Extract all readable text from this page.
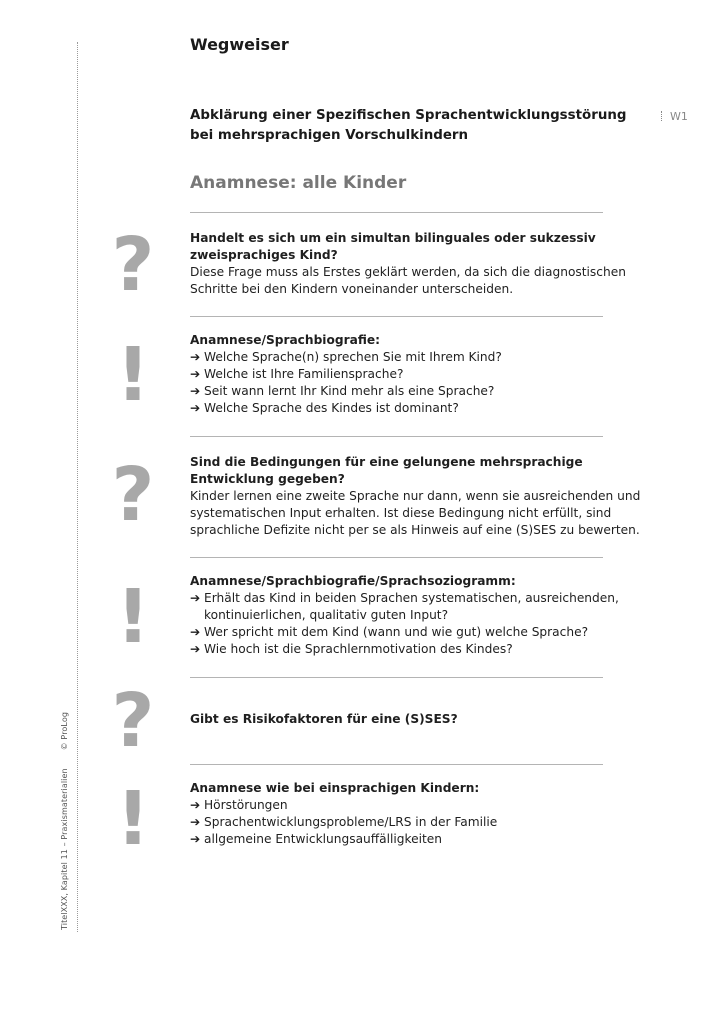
TitelXXX, Kapitel 11 – Praxismaterialien© ProLog
Wegweiser
Abklärung einer Spezifischen Sprachentwicklungsstörung
bei mehrsprachigen Vorschulkindern
W1
Anamnese: alle Kinder
?
!
?
!
?
!
Handelt es sich um ein simultan bilinguales oder sukzessiv
zweisprachiges Kind?
Diese Frage muss als Erstes geklärt werden, da sich die diagnostischen
Schritte bei den Kindern voneinander unterscheiden.
Anamnese/Sprachbiografie:
➔ Welche Sprache(n) sprechen Sie mit Ihrem Kind?
➔ Welche ist Ihre Familiensprache?
➔ Seit wann lernt Ihr Kind mehr als eine Sprache?
➔ Welche Sprache des Kindes ist dominant?
Sind die Bedingungen für eine gelungene mehrsprachige
Entwicklung gegeben?
Kinder lernen eine zweite Sprache nur dann, wenn sie ausreichenden und
systematischen Input erhalten. Ist diese Bedingung nicht erfüllt, sind
sprachliche Defizite nicht per se als Hinweis auf eine (S)SES zu bewerten.
Anamnese/Sprachbiografie/Sprachsoziogramm:
➔ Erhält das Kind in beiden Sprachen systematischen, ausreichenden,
kontinuierlichen, qualitativ guten Input?
➔ Wer spricht mit dem Kind (wann und wie gut) welche Sprache?
➔ Wie hoch ist die Sprachlernmotivation des Kindes?
Gibt es Risikofaktoren für eine (S)SES?
Anamnese wie bei einsprachigen Kindern:
➔ Hörstörungen
➔ Sprachentwicklungsprobleme/LRS in der Familie
➔ allgemeine Entwicklungsauffälligkeiten
